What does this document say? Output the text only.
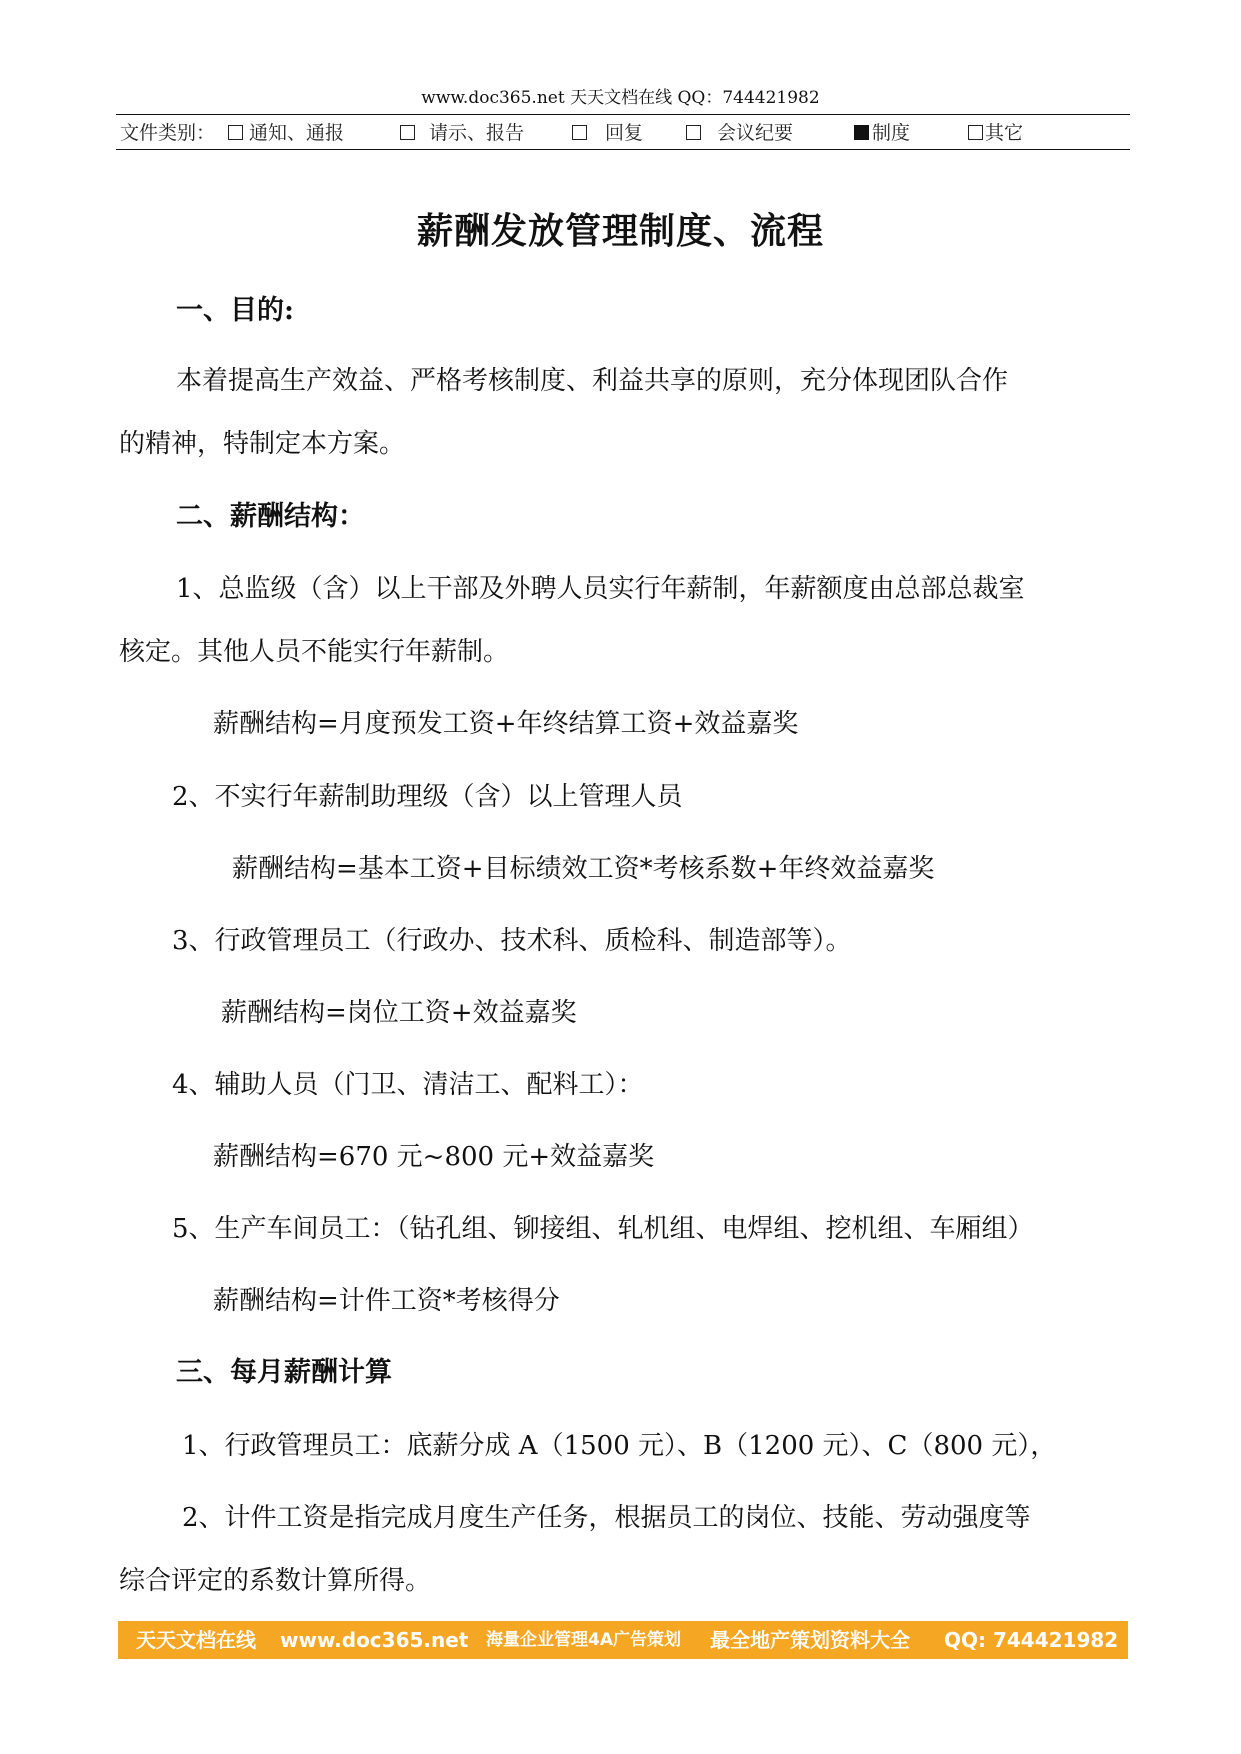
www.doc365.net 天天文档在线 QQ：744421982
文件类别：	通知、通报	请示、报告	回复	会议纪要	制度	其它
薪酬发放管理制度、流程
一、目的:
本着提高生产效益、严格考核制度、利益共享的原则，充分体现团队合作
的精神，特制定本方案。
二、薪酬结构：
1、总监级（含）以上干部及外聘人员实行年薪制，年薪额度由总部总裁室
核定。其他人员不能实行年薪制。
薪酬结构=月度预发工资+年终结算工资+效益嘉奖
2、不实行年薪制助理级（含）以上管理人员
薪酬结构=基本工资+目标绩效工资*考核系数+年终效益嘉奖
3、行政管理员工（行政办、技术科、质检科、制造部等）。
薪酬结构=岗位工资+效益嘉奖
4、辅助人员（门卫、清洁工、配料工）：
薪酬结构=670 元~800 元+效益嘉奖
5、生产车间员工：（钻孔组、铆接组、轧机组、电焊组、挖机组、车厢组）
薪酬结构=计件工资*考核得分
三、每月薪酬计算
1、行政管理员工：底薪分成 A（1500 元）、B（1200 元）、C（800 元），
2、计件工资是指完成月度生产任务，根据员工的岗位、技能、劳动强度等
综合评定的系数计算所得。
天天文档在线 www.doc365.net 海量企业管理4A广告策划 最全地产策划资料大全 QQ: 744421982
